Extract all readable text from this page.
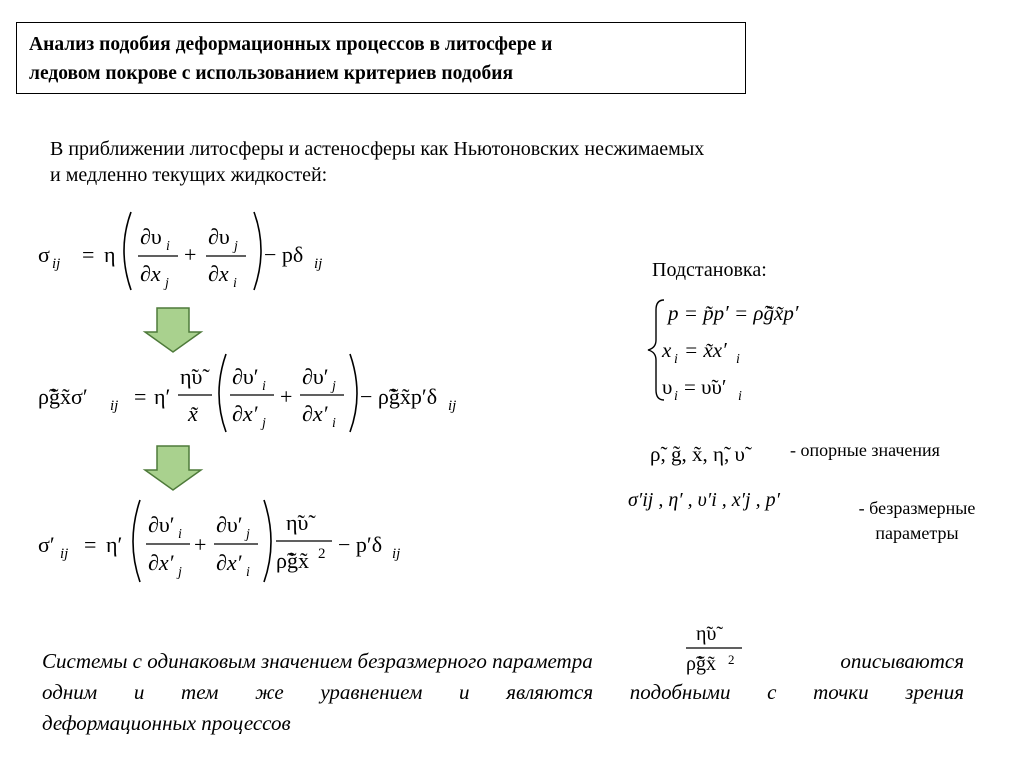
Анализ подобия деформационных процессов в литосфере и
ледовом покрове с использованием критериев подобия
В приближении литосферы и астеносферы как Ньютоновских несжимаемых
и медленно текущих жидкостей:
σ ij = η
∂υ i
∂x j
+
∂υ j
∂x i
− pδ ij
ρ̃g̃x̃σ′ ij = η′
η̃υ̃
x̃
∂υ′ i
∂x′ j
+
∂υ′ j
∂x′ i
− ρ̃g̃x̃p′δ ij
σ′ ij = η′
∂υ′ i
∂x′ j
+
∂υ′ j
∂x′ i
η̃υ̃
ρ̃g̃x̃ 2 − p′δ ij
p = p̃p′ = ρ̃g̃x̃p′
x i = x̃x′ i
υ i = υ̃υ′ i
ρ̃, g̃, x̃, η̃, υ̃
σ′ij , η′ , υ′i , x′j , p′
Подстановка:
- опорные значения
- безразмерные
параметры
Системы с одинаковым значением безразмерного параметра
η̃υ̃
ρ̃g̃x̃ 2	описываются
одним и тем же уравнением и являются подобными с точки зрения
деформационных процессов
